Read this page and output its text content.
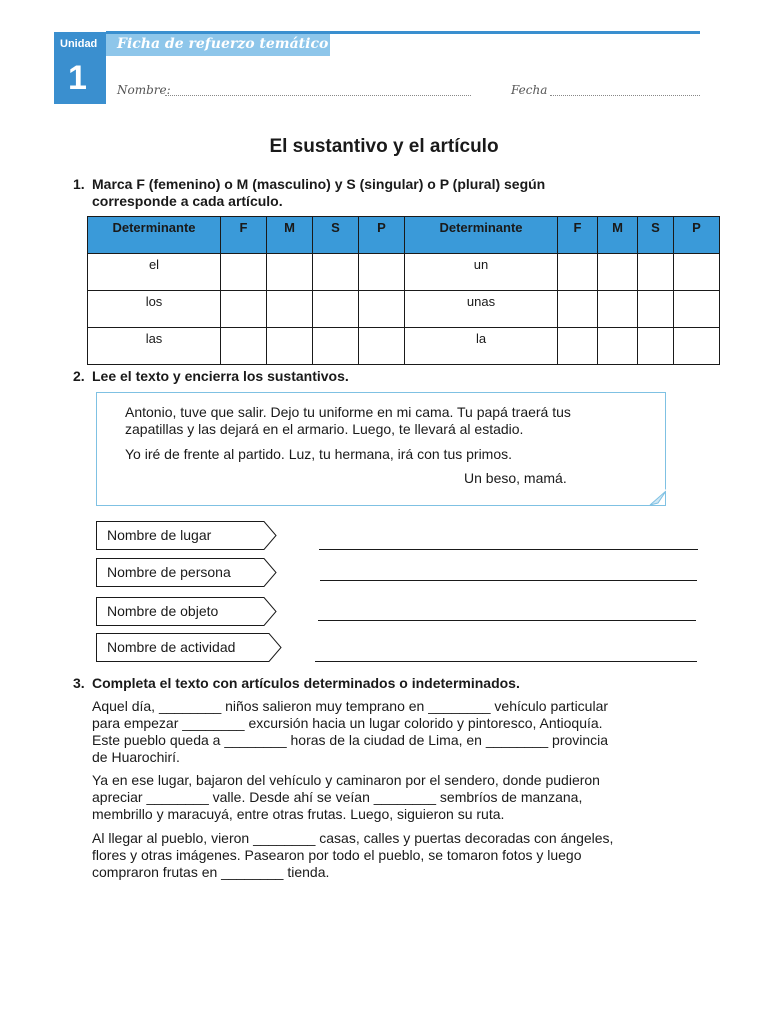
Unidad
1
Ficha de refuerzo temático
Nombre:	Fecha
El sustantivo y el artículo
1. Marca F (femenino) o M (masculino) y S (singular) o P (plural) según
corresponde a cada artículo.
Determinante	F	M	S	P	Determinante	F	M	S	P
el					un				
los					unas				
las					la				
2. Lee el texto y encierra los sustantivos.
Antonio, tuve que salir. Dejo tu uniforme en mi cama. Tu papá traerá tus
zapatillas y las dejará en el armario. Luego, te llevará al estadio.
Yo iré de frente al partido. Luz, tu hermana, irá con tus primos.
Un beso, mamá.
Nombre de lugar
Nombre de persona
Nombre de objeto
Nombre de actividad
3. Completa el texto con artículos determinados o indeterminados.
Aquel día, ________ niños salieron muy temprano en ________ vehículo particular
para empezar ________ excursión hacia un lugar colorido y pintoresco, Antioquía.
Este pueblo queda a ________ horas de la ciudad de Lima, en ________ provincia
de Huarochirí.
Ya en ese lugar, bajaron del vehículo y caminaron por el sendero, donde pudieron
apreciar ________ valle. Desde ahí se veían ________ sembríos de manzana,
membrillo y maracuyá, entre otras frutas. Luego, siguieron su ruta.
Al llegar al pueblo, vieron ________ casas, calles y puertas decoradas con ángeles,
flores y otras imágenes. Pasearon por todo el pueblo, se tomaron fotos y luego
compraron frutas en ________ tienda.
